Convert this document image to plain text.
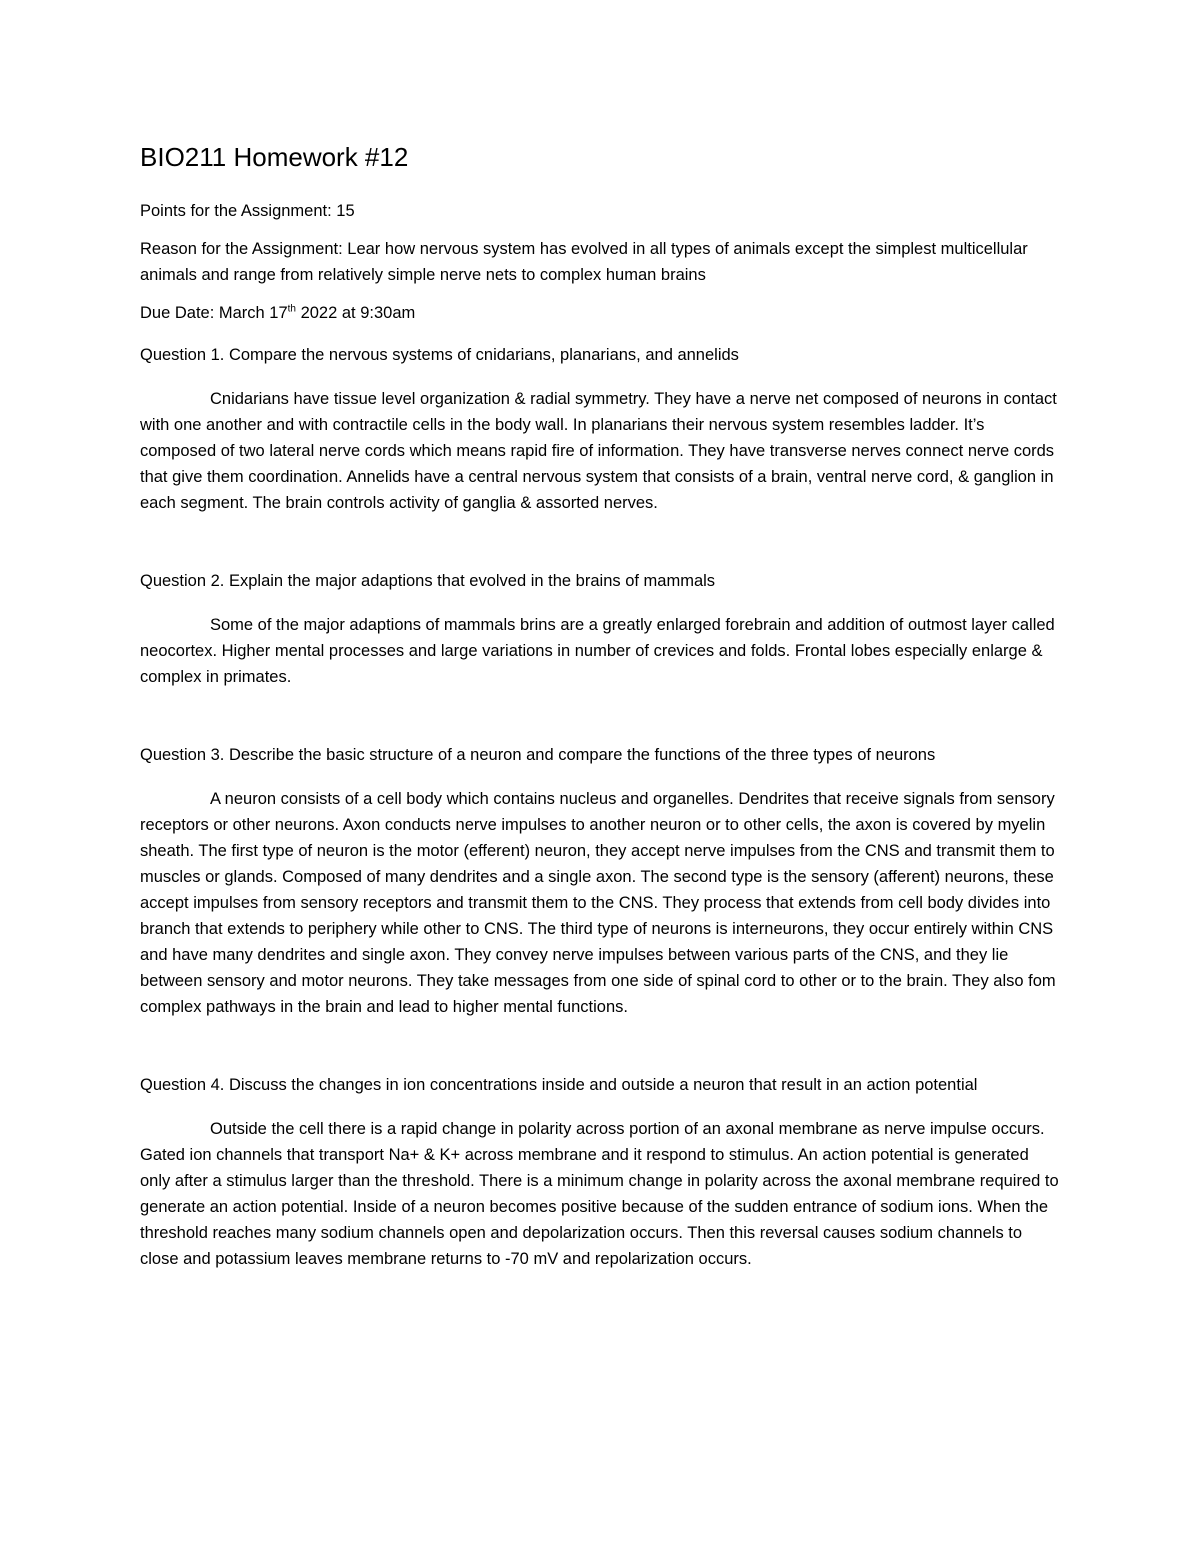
BIO211 Homework #12

Points for the Assignment: 15

Reason for the Assignment: Lear how nervous system has evolved in all types of animals except the simplest multicellular animals and range from relatively simple nerve nets to complex human brains

Due Date: March 17th 2022 at 9:30am

Question 1. Compare the nervous systems of cnidarians, planarians, and annelids

Cnidarians have tissue level organization & radial symmetry. They have a nerve net composed of neurons in contact with one another and with contractile cells in the body wall. In planarians their nervous system resembles ladder. It’s composed of two lateral nerve cords which means rapid fire of information. They have transverse nerves connect nerve cords that give them coordination. Annelids have a central nervous system that consists of a brain, ventral nerve cord, & ganglion in each segment. The brain controls activity of ganglia & assorted nerves.

Question 2. Explain the major adaptions that evolved in the brains of mammals

Some of the major adaptions of mammals brins are a greatly enlarged forebrain and addition of outmost layer called neocortex. Higher mental processes and large variations in number of crevices and folds. Frontal lobes especially enlarge & complex in primates.

Question 3. Describe the basic structure of a neuron and compare the functions of the three types of neurons

A neuron consists of a cell body which contains nucleus and organelles. Dendrites that receive signals from sensory receptors or other neurons. Axon conducts nerve impulses to another neuron or to other cells, the axon is covered by myelin sheath. The first type of neuron is the motor (efferent) neuron, they accept nerve impulses from the CNS and transmit them to muscles or glands. Composed of many dendrites and a single axon. The second type is the sensory (afferent) neurons, these accept impulses from sensory receptors and transmit them to the CNS. They process that extends from cell body divides into branch that extends to periphery while other to CNS. The third type of neurons is interneurons, they occur entirely within CNS and have many dendrites and single axon. They convey nerve impulses between various parts of the CNS, and they lie between sensory and motor neurons. They take messages from one side of spinal cord to other or to the brain. They also fom complex pathways in the brain and lead to higher mental functions.

Question 4. Discuss the changes in ion concentrations inside and outside a neuron that result in an action potential

Outside the cell there is a rapid change in polarity across portion of an axonal membrane as nerve impulse occurs. Gated ion channels that transport Na+ & K+ across membrane and it respond to stimulus. An action potential is generated only after a stimulus larger than the threshold. There is a minimum change in polarity across the axonal membrane required to generate an action potential. Inside of a neuron becomes positive because of the sudden entrance of sodium ions. When the threshold reaches many sodium channels open and depolarization occurs. Then this reversal causes sodium channels to close and potassium leaves membrane returns to -70 mV and repolarization occurs.
